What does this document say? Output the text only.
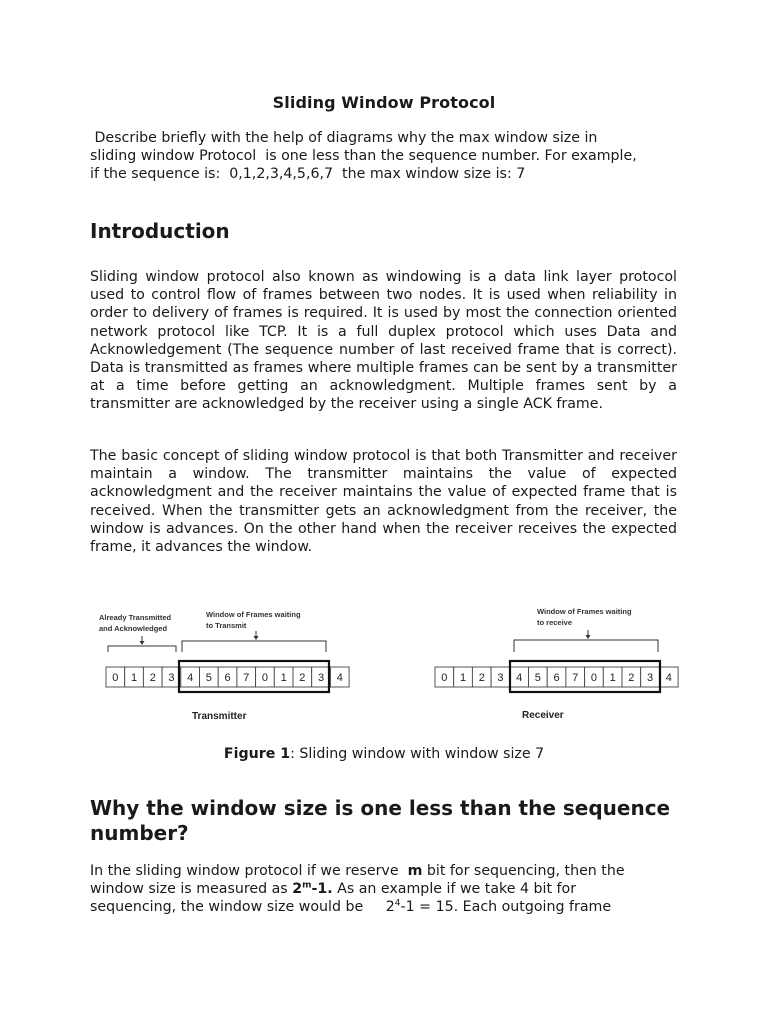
Sliding Window Protocol
Describe briefly with the help of diagrams why the max window size in
sliding window Protocol  is one less than the sequence number. For example,
if the sequence is:  0,1,2,3,4,5,6,7  the max window size is: 7
Introduction
Sliding window protocol also known as windowing is a data link layer protocol used to control flow of frames between two nodes. It is used when reliability in order to delivery of frames is required. It is used by most the connection oriented network protocol like TCP. It is a full duplex protocol which uses Data and Acknowledgement (The sequence number of last received frame that is correct). Data is transmitted as frames where multiple frames can be sent by a transmitter at a time before getting an acknowledgment. Multiple frames sent by a transmitter are acknowledged by the receiver using a single ACK frame.
The basic concept of sliding window protocol is that both Transmitter and receiver maintain a window. The transmitter maintains the value of expected acknowledgment and the receiver maintains the value of expected frame that is received. When the transmitter gets an acknowledgment from the receiver, the window is advances. On the other hand when the receiver receives the expected frame, it advances the window.
Already Transmitted
and Acknowledged
Window of Frames waiting
to Transmit
0 1 2 3 4 5 6 7 0 1 2 3 4
Transmitter
Window of Frames waiting
to receive
0 1 2 3 4 5 6 7 0 1 2 3 4
Receiver
Figure 1: Sliding window with window size 7
Why the window size is one less than the sequence number?
In the sliding window protocol if we reserve  m bit for sequencing, then the
window size is measured as 2$^m$-1. As an example if we take 4 bit for
sequencing, the window size would be     $2^4-1 = 15$. Each outgoing frame
